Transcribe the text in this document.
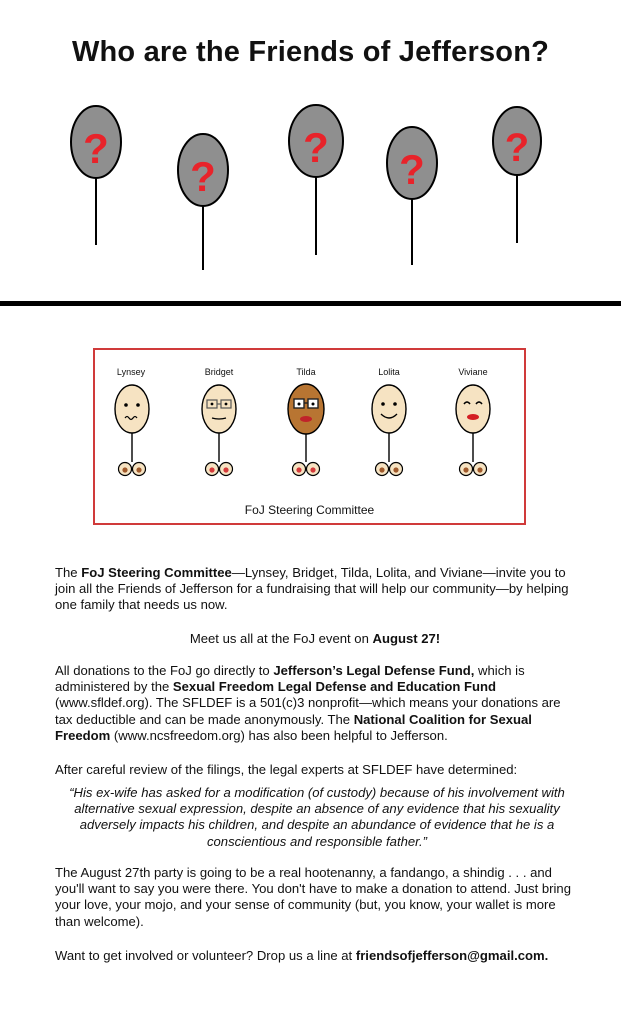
Who are the Friends of Jefferson?
?
?
? ? ?
Lynsey	Bridget	Tilda	Lolita	Viviane
FoJ Steering Committee
The FoJ Steering Committee—Lynsey, Bridget, Tilda, Lolita, and Viviane—invite you to join all the Friends of Jefferson for a fundraising that will help our community—by helping one family that needs us now.
Meet us all at the FoJ event on August 27!
All donations to the FoJ go directly to Jefferson’s Legal Defense Fund, which is administered by the Sexual Freedom Legal Defense and Education Fund (www.sfldef.org). The SFLDEF is a 501(c)3 nonprofit—which means your donations are tax deductible and can be made anonymously. The National Coalition for Sexual Freedom (www.ncsfreedom.org) has also been helpful to Jefferson.
After careful review of the filings, the legal experts at SFLDEF have determined:
“His ex-wife has asked for a modification (of custody) because of his involvement with alternative sexual expression, despite an absence of any evidence that his sexuality adversely impacts his children, and despite an abundance of evidence that he is a conscientious and responsible father.”
The August 27th party is going to be a real hootenanny, a fandango, a shindig . . . and you'll want to say you were there. You don't have to make a donation to attend. Just bring your love, your mojo, and your sense of community (but, you know, your wallet is more than welcome).
Want to get involved or volunteer? Drop us a line at friendsofjefferson@gmail.com.
